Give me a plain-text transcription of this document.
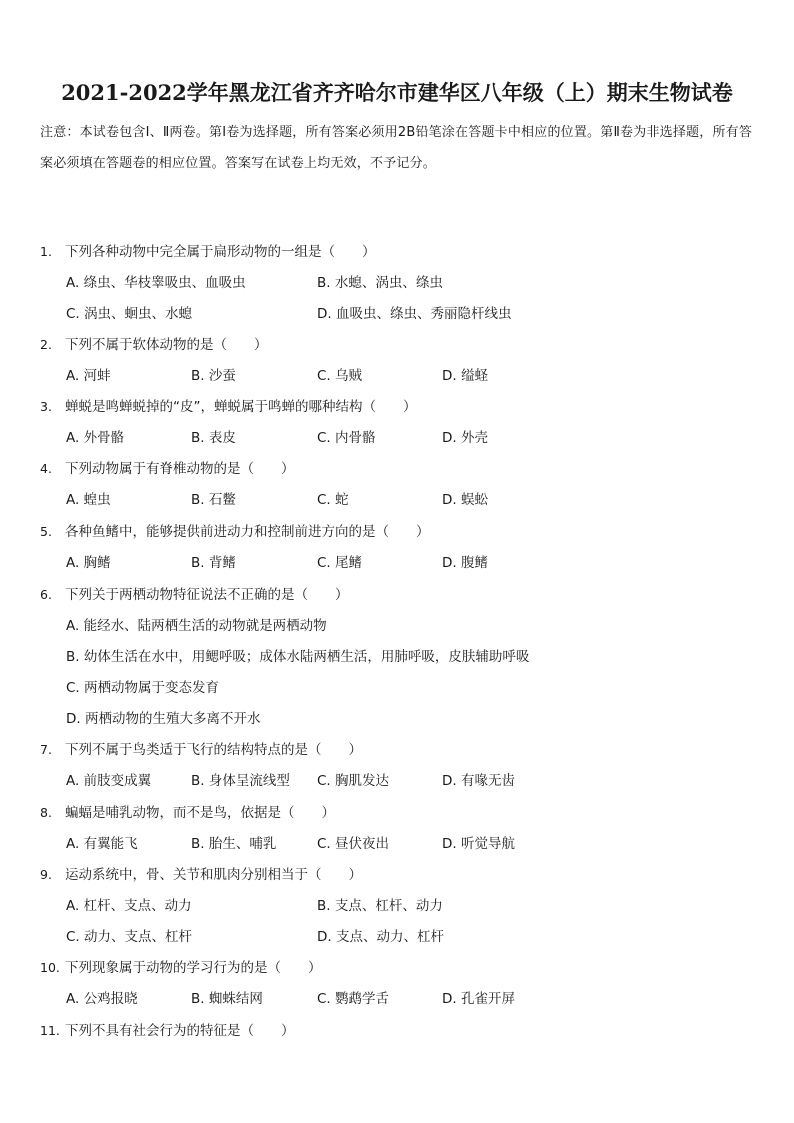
2021-2022学年黑龙江省齐齐哈尔市建华区八年级（上）期末生物试卷
注意：本试卷包含Ⅰ、Ⅱ两卷。第Ⅰ卷为选择题，所有答案必须用2B铅笔涂在答题卡中相应的位置。第Ⅱ卷为非选择题，所有答案必须填在答题卷的相应位置。答案写在试卷上均无效，不予记分。
1. 下列各种动物中完全属于扁形动物的一组是（　　）
A. 绦虫、华枝睾吸虫、血吸虫	B. 水螅、涡虫、绦虫
C. 涡虫、蛔虫、水螅	D. 血吸虫、绦虫、秀丽隐杆线虫
2. 下列不属于软体动物的是（　　）
A. 河蚌	B. 沙蚕	C. 乌贼	D. 缢蛏
3. 蝉蜕是鸣蝉蜕掉的“皮”，蝉蜕属于鸣蝉的哪种结构（　　）
A. 外骨骼	B. 表皮	C. 内骨骼	D. 外壳
4. 下列动物属于有脊椎动物的是（　　）
A. 蝗虫	B. 石鳖	C. 蛇	D. 蜈蚣
5. 各种鱼鳍中，能够提供前进动力和控制前进方向的是（　　）
A. 胸鳍	B. 背鳍	C. 尾鳍	D. 腹鳍
6. 下列关于两栖动物特征说法不正确的是（　　）
A. 能经水、陆两栖生活的动物就是两栖动物
B. 幼体生活在水中，用鳃呼吸；成体水陆两栖生活，用肺呼吸，皮肤辅助呼吸
C. 两栖动物属于变态发育
D. 两栖动物的生殖大多离不开水
7. 下列不属于鸟类适于飞行的结构特点的是（　　）
A. 前肢变成翼	B. 身体呈流线型 C. 胸肌发达	D. 有喙无齿
8. 蝙蝠是哺乳动物，而不是鸟，依据是（　　）
A. 有翼能飞	B. 胎生、哺乳	C. 昼伏夜出	D. 听觉导航
9. 运动系统中，骨、关节和肌肉分别相当于（　　）
A. 杠杆、支点、动力	B. 支点、杠杆、动力
C. 动力、支点、杠杆	D. 支点、动力、杠杆
10. 下列现象属于动物的学习行为的是（　　）
A. 公鸡报晓	B. 蜘蛛结网	C. 鹦鹉学舌	D. 孔雀开屏
11. 下列不具有社会行为的特征是（　　）
